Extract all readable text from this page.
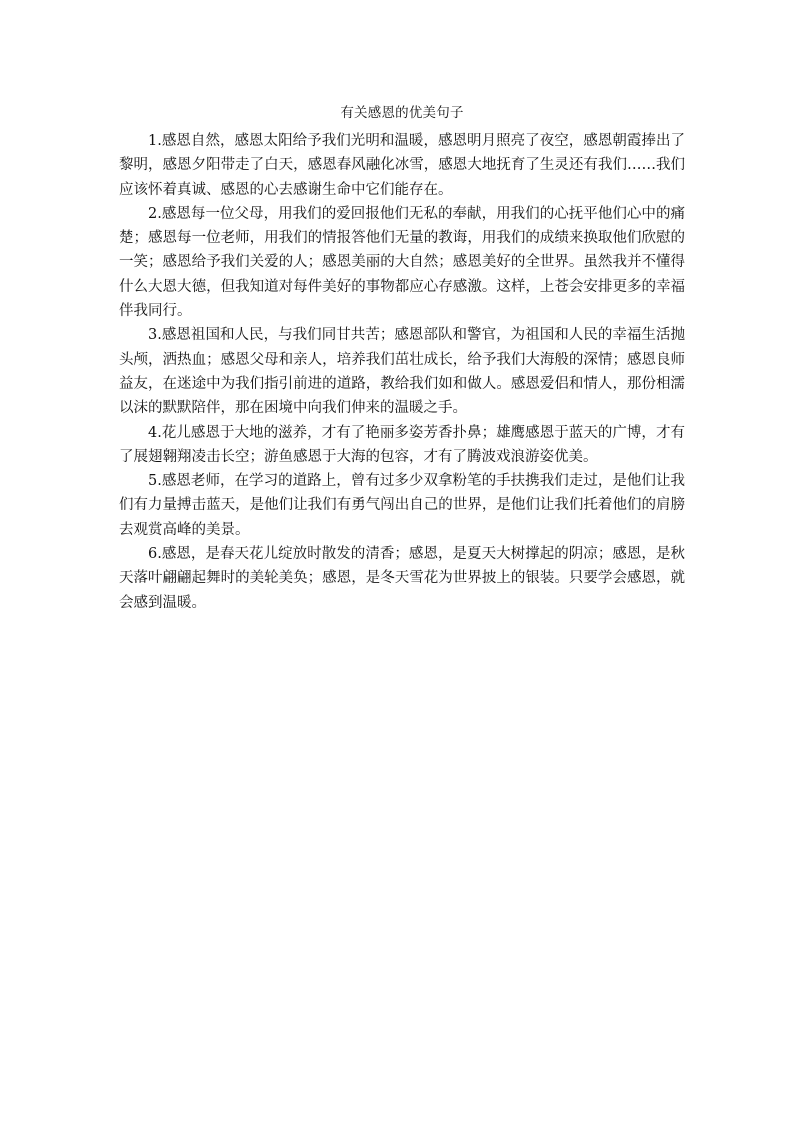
有关感恩的优美句子

1.感恩自然，感恩太阳给予我们光明和温暖，感恩明月照亮了夜空，感恩朝霞捧出了黎明，感恩夕阳带走了白天，感恩春风融化冰雪，感恩大地抚育了生灵还有我们……我们应该怀着真诚、感恩的心去感谢生命中它们能存在。

2.感恩每一位父母，用我们的爱回报他们无私的奉献，用我们的心抚平他们心中的痛楚；感恩每一位老师，用我们的情报答他们无量的教诲，用我们的成绩来换取他们欣慰的一笑；感恩给予我们关爱的人；感恩美丽的大自然；感恩美好的全世界。虽然我并不懂得什么大恩大德，但我知道对每件美好的事物都应心存感激。这样，上苍会安排更多的幸福伴我同行。

3.感恩祖国和人民，与我们同甘共苦；感恩部队和警官，为祖国和人民的幸福生活抛头颅，洒热血；感恩父母和亲人，培养我们茁壮成长，给予我们大海般的深情；感恩良师益友，在迷途中为我们指引前进的道路，教给我们如和做人。感恩爱侣和情人，那份相濡以沫的默默陪伴，那在困境中向我们伸来的温暖之手。

4.花儿感恩于大地的滋养，才有了艳丽多姿芳香扑鼻；雄鹰感恩于蓝天的广博，才有了展翅翱翔凌击长空；游鱼感恩于大海的包容，才有了腾波戏浪游姿优美。

5.感恩老师，在学习的道路上，曾有过多少双拿粉笔的手扶携我们走过，是他们让我们有力量搏击蓝天，是他们让我们有勇气闯出自己的世界，是他们让我们托着他们的肩膀去观赏高峰的美景。

6.感恩，是春天花儿绽放时散发的清香；感恩，是夏天大树撑起的阴凉；感恩，是秋天落叶翩翩起舞时的美轮美奂；感恩，是冬天雪花为世界披上的银装。只要学会感恩，就会感到温暖。
